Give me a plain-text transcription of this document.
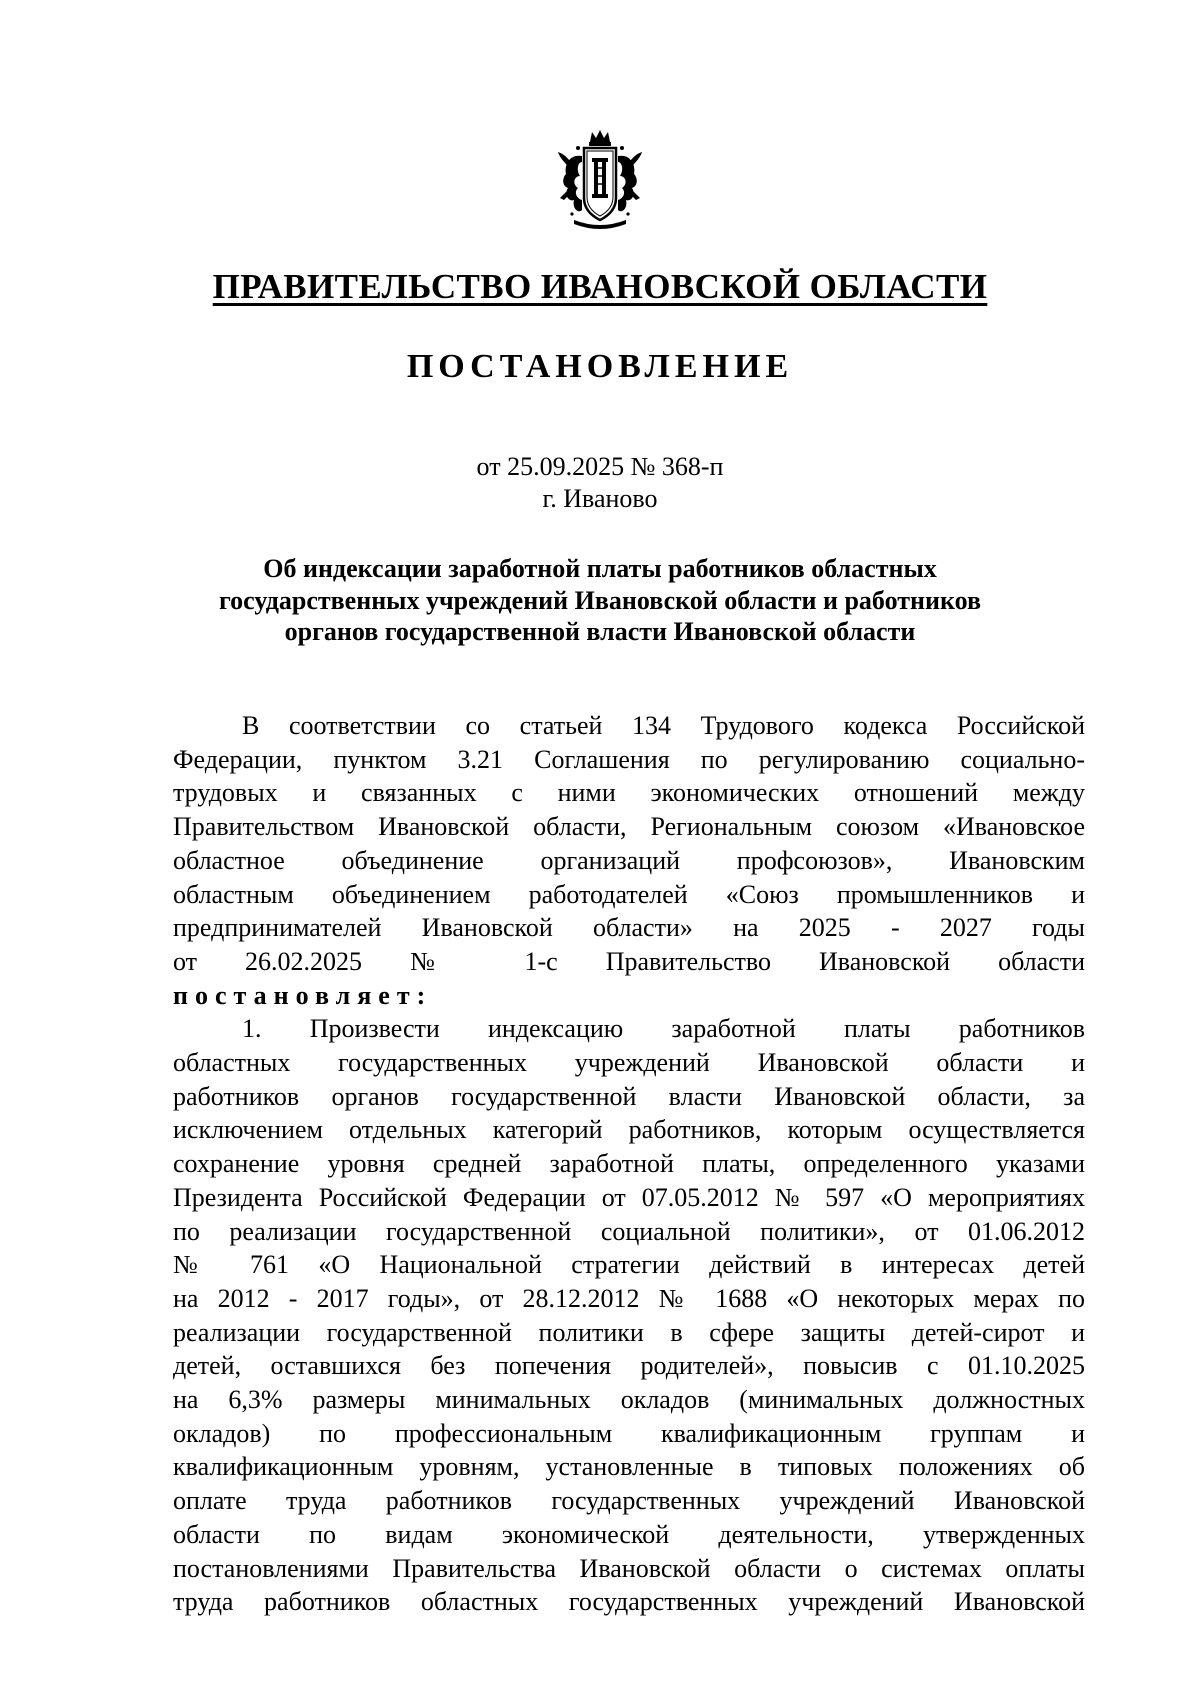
ПРАВИТЕЛЬСТВО ИВАНОВСКОЙ ОБЛАСТИ
ПОСТАНОВЛЕНИЕ
от 25.09.2025 № 368-п
г. Иваново
Об индексации заработной платы работников областных
государственных учреждений Ивановской области и работников
органов государственной власти Ивановской области
В соответствии со статьей 134 Трудового кодекса Российской
Федерации, пунктом 3.21 Соглашения по регулированию социально-
трудовых и связанных с ними экономических отношений между
Правительством Ивановской области, Региональным союзом «Ивановское
областное объединение организаций профсоюзов», Ивановским
областным объединением работодателей «Союз промышленников и
предпринимателей Ивановской области» на 2025 - 2027 годы
от 26.02.2025 № 1-с Правительство Ивановской области
постановляет:
1. Произвести индексацию заработной платы работников
областных государственных учреждений Ивановской области и
работников органов государственной власти Ивановской области, за
исключением отдельных категорий работников, которым осуществляется
сохранение уровня средней заработной платы, определенного указами
Президента Российской Федерации от 07.05.2012 № 597 «О мероприятиях
по реализации государственной социальной политики», от 01.06.2012
№ 761 «О Национальной стратегии действий в интересах детей
на 2012 - 2017 годы», от 28.12.2012 № 1688 «О некоторых мерах по
реализации государственной политики в сфере защиты детей-сирот и
детей, оставшихся без попечения родителей», повысив с 01.10.2025
на 6,3% размеры минимальных окладов (минимальных должностных
окладов) по профессиональным квалификационным группам и
квалификационным уровням, установленные в типовых положениях об
оплате труда работников государственных учреждений Ивановской
области по видам экономической деятельности, утвержденных
постановлениями Правительства Ивановской области о системах оплаты
труда работников областных государственных учреждений Ивановской
